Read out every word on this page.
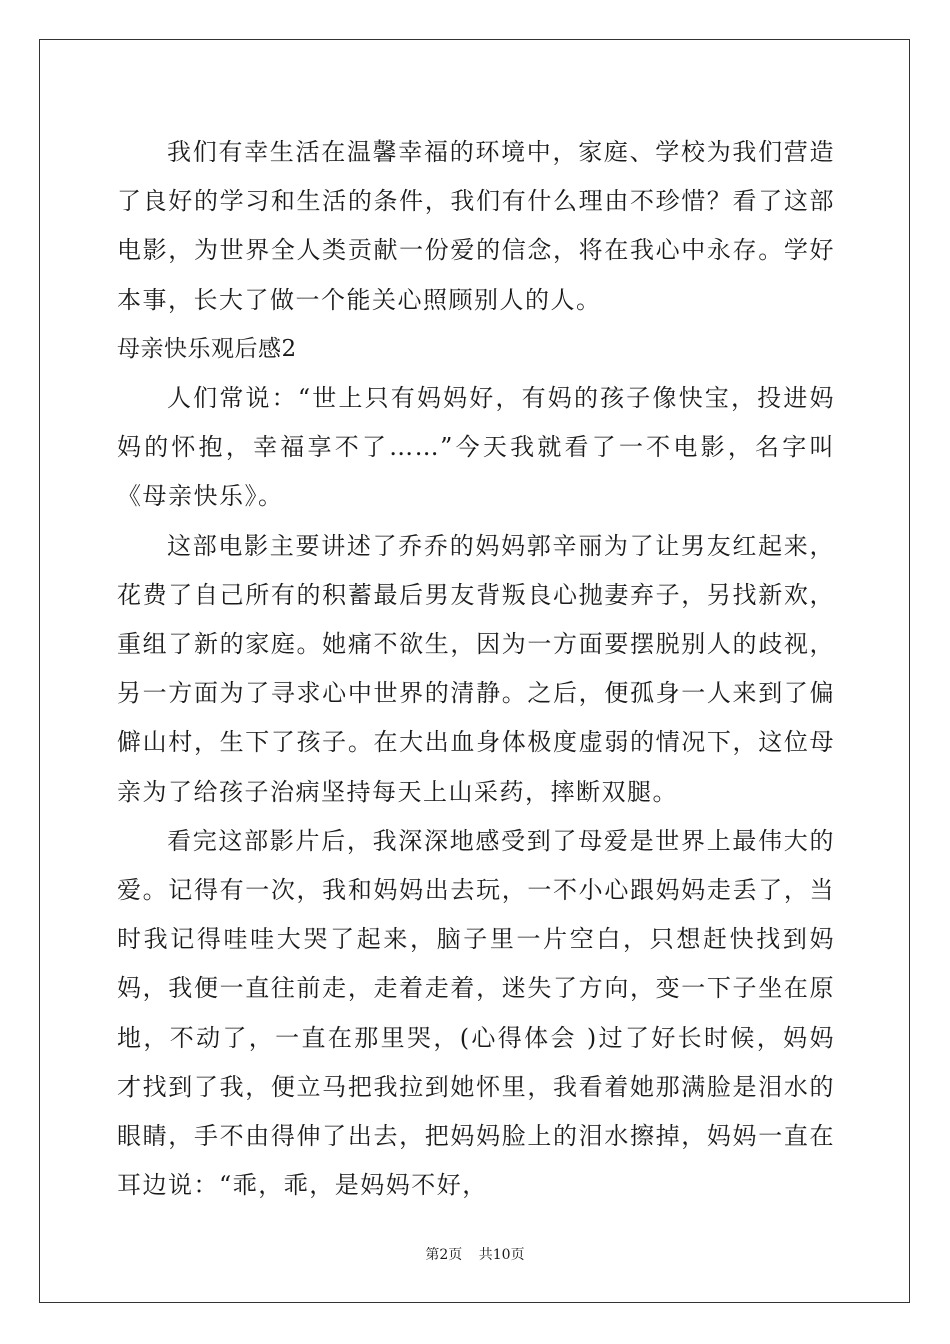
我们有幸生活在温馨幸福的环境中，家庭、学校为我们营造了良好的学习和生活的条件，我们有什么理由不珍惜？看了这部电影，为世界全人类贡献一份爱的信念，将在我心中永存。学好本事，长大了做一个能关心照顾别人的人。

母亲快乐观后感2

人们常说：“世上只有妈妈好，有妈的孩子像快宝，投进妈妈的怀抱，幸福享不了……”今天我就看了一不电影，名字叫《母亲快乐》。

这部电影主要讲述了乔乔的妈妈郭辛丽为了让男友红起来，花费了自己所有的积蓄最后男友背叛良心抛妻弃子，另找新欢，重组了新的家庭。她痛不欲生，因为一方面要摆脱别人的歧视，另一方面为了寻求心中世界的清静。之后，便孤身一人来到了偏僻山村，生下了孩子。在大出血身体极度虚弱的情况下，这位母亲为了给孩子治病坚持每天上山采药，摔断双腿。

看完这部影片后，我深深地感受到了母爱是世界上最伟大的爱。记得有一次，我和妈妈出去玩，一不小心跟妈妈走丢了，当时我记得哇哇大哭了起来，脑子里一片空白，只想赶快找到妈妈，我便一直往前走，走着走着，迷失了方向，变一下子坐在原地，不动了，一直在那里哭，(心得体会 )过了好长时候，妈妈才找到了我，便立马把我拉到她怀里，我看着她那满脸是泪水的眼睛，手不由得伸了出去，把妈妈脸上的泪水擦掉，妈妈一直在耳边说：“乖，乖，是妈妈不好，

第2页 共10页
